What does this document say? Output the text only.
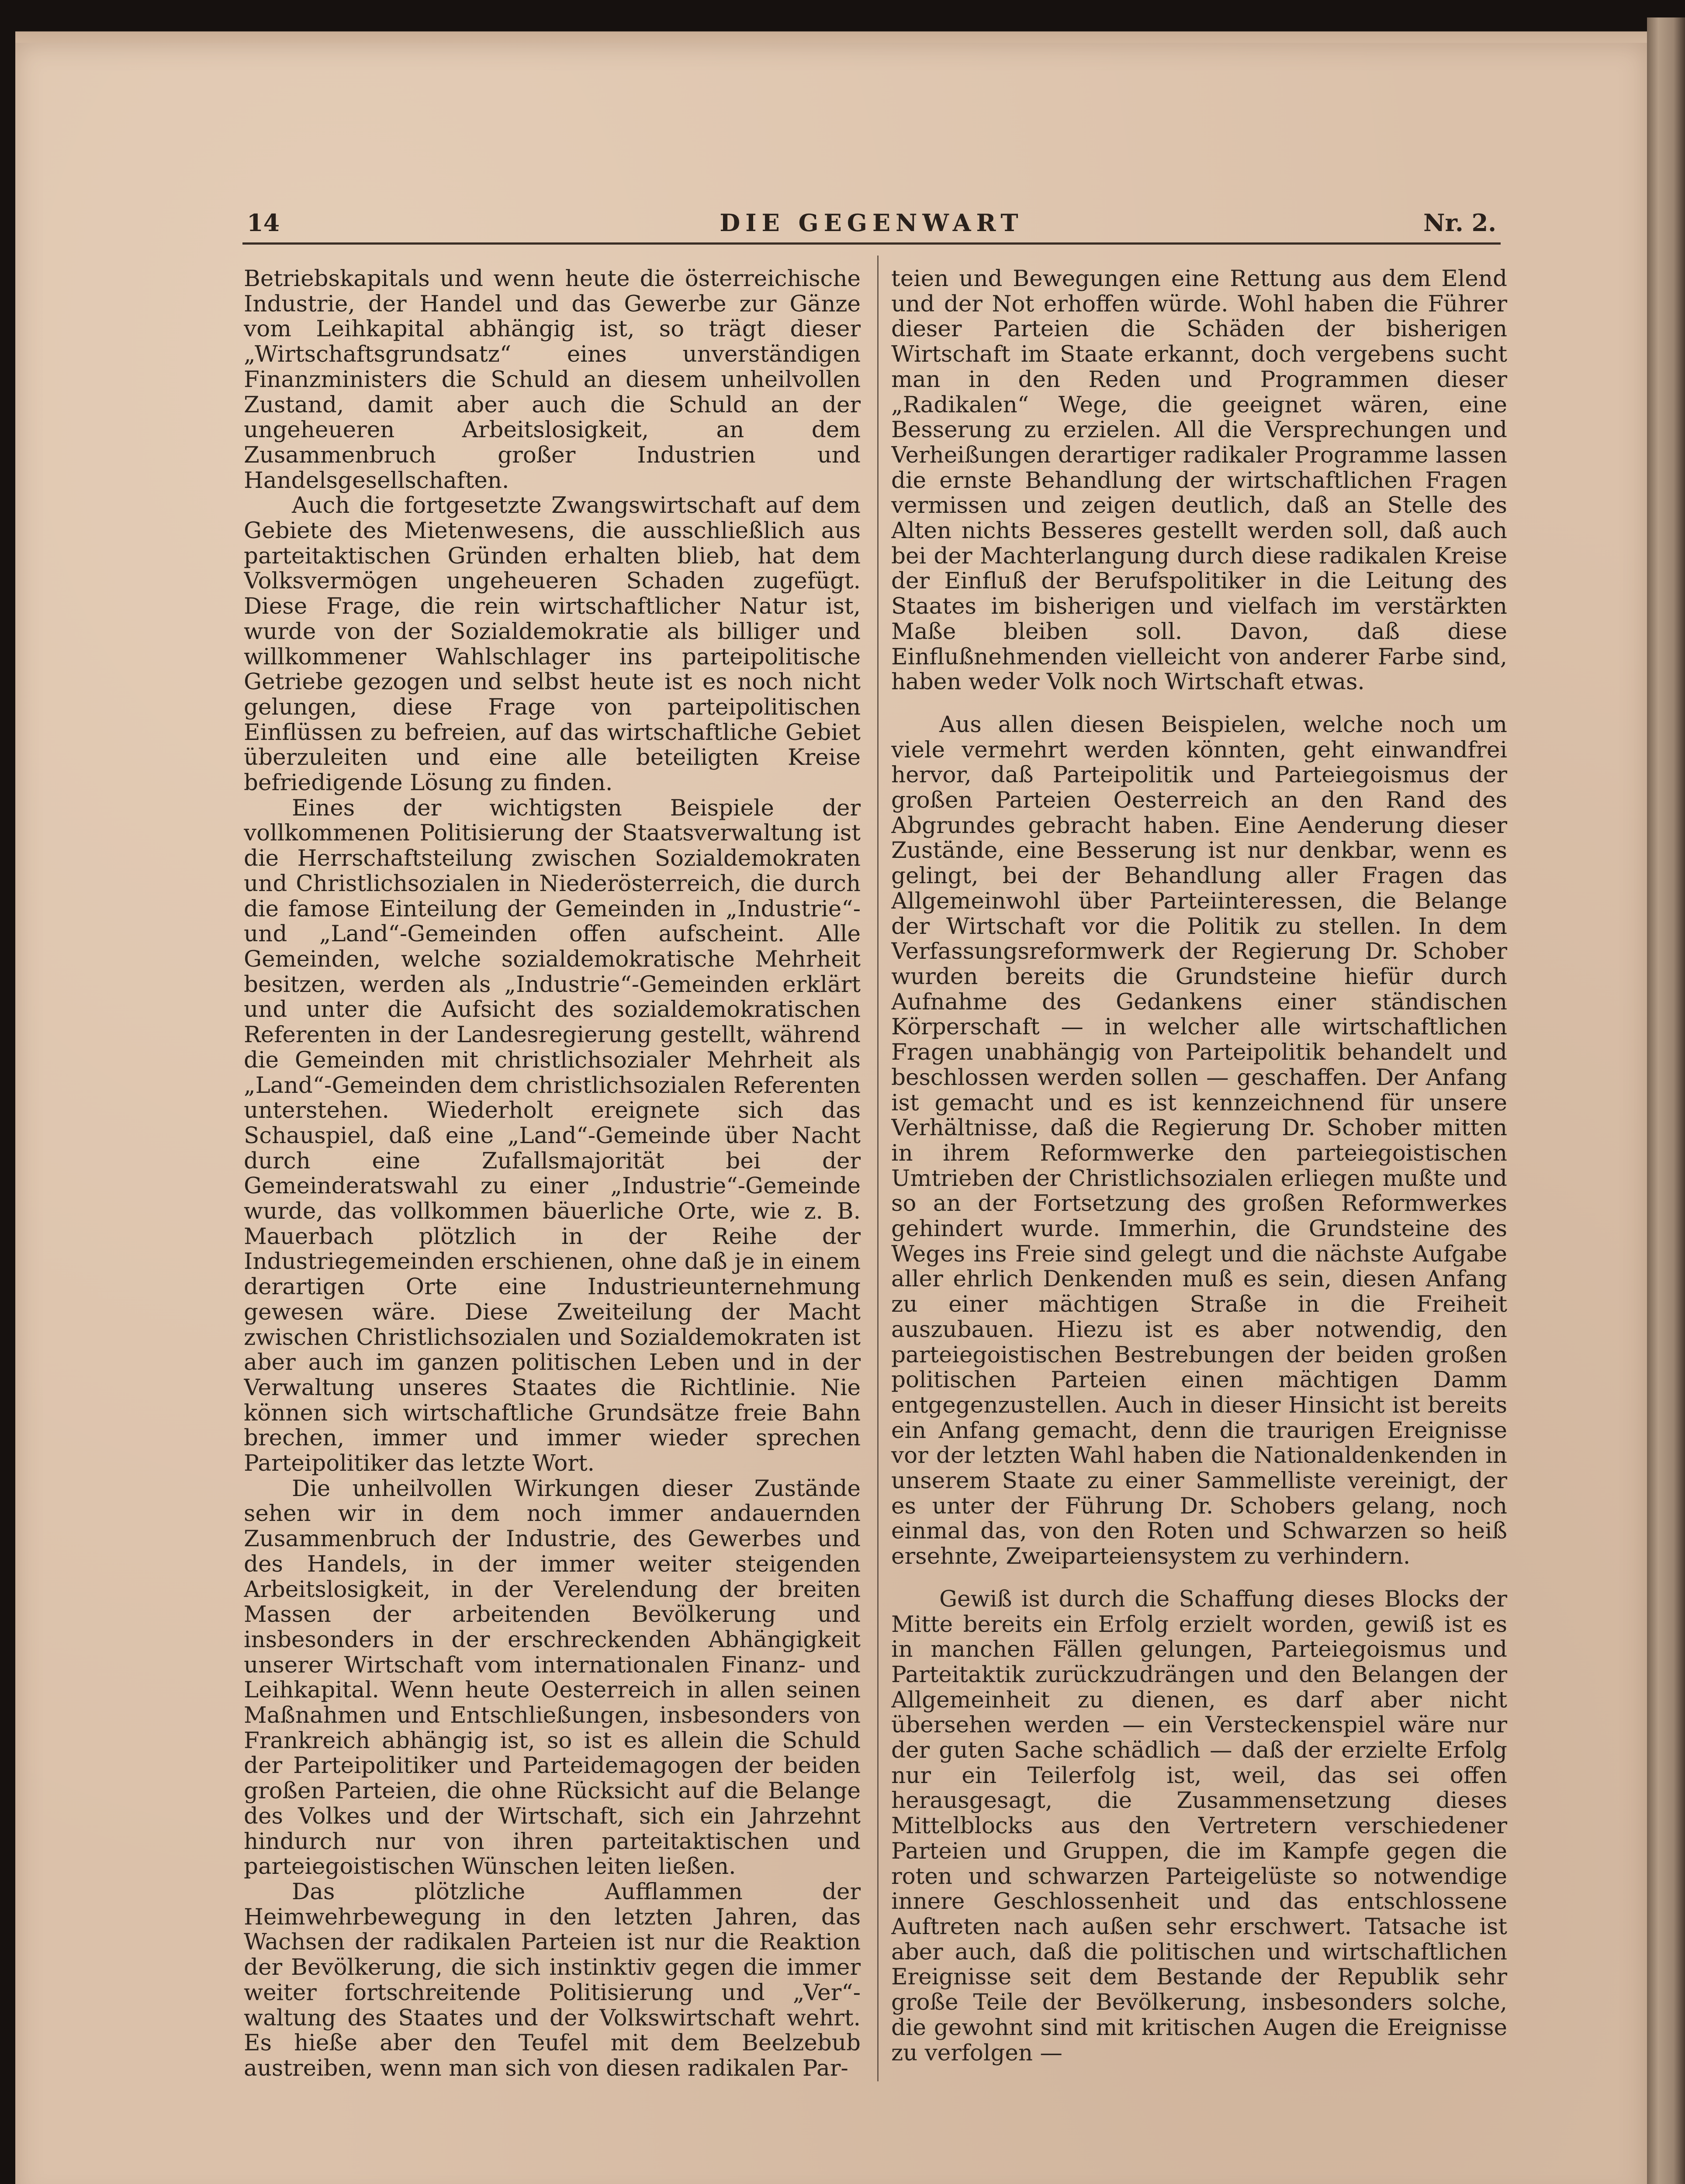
14	DIE GEGENWART	Nr. 2.

Betriebskapitals und wenn heute die österreichische Industrie, der Handel und das Gewerbe zur Gänze vom Leihkapital abhängig ist, so trägt dieser „Wirtschaftsgrundsatz“ eines unverständigen Finanzministers die Schuld an diesem unheilvollen Zustand, damit aber auch die Schuld an der ungeheueren Arbeitslosigkeit, an dem Zusammenbruch großer Industrien und Handelsgesellschaften.

Auch die fortgesetzte Zwangswirtschaft auf dem Gebiete des Mietenwesens, die ausschließlich aus parteitaktischen Gründen erhalten blieb, hat dem Volksvermögen ungeheueren Schaden zugefügt. Diese Frage, die rein wirtschaftlicher Natur ist, wurde von der Sozialdemokratie als billiger und willkommener Wahlschlager ins parteipolitische Getriebe gezogen und selbst heute ist es noch nicht gelungen, diese Frage von parteipolitischen Einflüssen zu befreien, auf das wirtschaftliche Gebiet überzuleiten und eine alle beteiligten Kreise befriedigende Lösung zu finden.

Eines der wichtigsten Beispiele der vollkommenen Politisierung der Staatsverwaltung ist die Herrschaftsteilung zwischen Sozialdemokraten und Christlichsozialen in Niederösterreich, die durch die famose Einteilung der Gemeinden in „Industrie“- und „Land“-Gemeinden offen aufscheint. Alle Gemeinden, welche sozialdemokratische Mehrheit besitzen, werden als „Industrie“-Gemeinden erklärt und unter die Aufsicht des sozialdemokratischen Referenten in der Landesregierung gestellt, während die Gemeinden mit christlichsozialer Mehrheit als „Land“-Gemeinden dem christlichsozialen Referenten unterstehen. Wiederholt ereignete sich das Schauspiel, daß eine „Land“-Gemeinde über Nacht durch eine Zufallsmajorität bei der Gemeinderatswahl zu einer „Industrie“-Gemeinde wurde, das vollkommen bäuerliche Orte, wie z. B. Mauerbach plötzlich in der Reihe der Industriegemeinden erschienen, ohne daß je in einem derartigen Orte eine Industrieunternehmung gewesen wäre. Diese Zweiteilung der Macht zwischen Christlichsozialen und Sozialdemokraten ist aber auch im ganzen politischen Leben und in der Verwaltung unseres Staates die Richtlinie. Nie können sich wirtschaftliche Grundsätze freie Bahn brechen, immer und immer wieder sprechen Parteipolitiker das letzte Wort.

Die unheilvollen Wirkungen dieser Zustände sehen wir in dem noch immer andauernden Zusammenbruch der Industrie, des Gewerbes und des Handels, in der immer weiter steigenden Arbeitslosigkeit, in der Verelendung der breiten Massen der arbeitenden Bevölkerung und insbesonders in der erschreckenden Abhängigkeit unserer Wirtschaft vom internationalen Finanz- und Leihkapital. Wenn heute Oesterreich in allen seinen Maßnahmen und Entschließungen, insbesonders von Frankreich abhängig ist, so ist es allein die Schuld der Parteipolitiker und Parteidemagogen der beiden großen Parteien, die ohne Rücksicht auf die Belange des Volkes und der Wirtschaft, sich ein Jahrzehnt hindurch nur von ihren parteitaktischen und parteiegoistischen Wünschen leiten ließen.

Das plötzliche Aufflammen der Heimwehrbewegung in den letzten Jahren, das Wachsen der radikalen Parteien ist nur die Reaktion der Bevölkerung, die sich instinktiv gegen die immer weiter fortschreitende Politisierung und „Ver“-waltung des Staates und der Volkswirtschaft wehrt. Es hieße aber den Teufel mit dem Beelzebub austreiben, wenn man sich von diesen radikalen Par-

teien und Bewegungen eine Rettung aus dem Elend und der Not erhoffen würde. Wohl haben die Führer dieser Parteien die Schäden der bisherigen Wirtschaft im Staate erkannt, doch vergebens sucht man in den Reden und Programmen dieser „Radikalen“ Wege, die geeignet wären, eine Besserung zu erzielen. All die Versprechungen und Verheißungen derartiger radikaler Programme lassen die ernste Behandlung der wirtschaftlichen Fragen vermissen und zeigen deutlich, daß an Stelle des Alten nichts Besseres gestellt werden soll, daß auch bei der Machterlangung durch diese radikalen Kreise der Einfluß der Berufspolitiker in die Leitung des Staates im bisherigen und vielfach im verstärkten Maße bleiben soll. Davon, daß diese Einflußnehmenden vielleicht von anderer Farbe sind, haben weder Volk noch Wirtschaft etwas.

Aus allen diesen Beispielen, welche noch um viele vermehrt werden könnten, geht einwandfrei hervor, daß Parteipolitik und Parteiegoismus der großen Parteien Oesterreich an den Rand des Abgrundes gebracht haben. Eine Aenderung dieser Zustände, eine Besserung ist nur denkbar, wenn es gelingt, bei der Behandlung aller Fragen das Allgemeinwohl über Parteiinteressen, die Belange der Wirtschaft vor die Politik zu stellen. In dem Verfassungsreformwerk der Regierung Dr. Schober wurden bereits die Grundsteine hiefür durch Aufnahme des Gedankens einer ständischen Körperschaft — in welcher alle wirtschaftlichen Fragen unabhängig von Parteipolitik behandelt und beschlossen werden sollen — geschaffen. Der Anfang ist gemacht und es ist kennzeichnend für unsere Verhältnisse, daß die Regierung Dr. Schober mitten in ihrem Reformwerke den parteiegoistischen Umtrieben der Christlichsozialen erliegen mußte und so an der Fortsetzung des großen Reformwerkes gehindert wurde. Immerhin, die Grundsteine des Weges ins Freie sind gelegt und die nächste Aufgabe aller ehrlich Denkenden muß es sein, diesen Anfang zu einer mächtigen Straße in die Freiheit auszubauen. Hiezu ist es aber notwendig, den parteiegoistischen Bestrebungen der beiden großen politischen Parteien einen mächtigen Damm entgegenzustellen. Auch in dieser Hinsicht ist bereits ein Anfang gemacht, denn die traurigen Ereignisse vor der letzten Wahl haben die Nationaldenkenden in unserem Staate zu einer Sammelliste vereinigt, der es unter der Führung Dr. Schobers gelang, noch einmal das, von den Roten und Schwarzen so heiß ersehnte, Zweiparteiensystem zu verhindern.

Gewiß ist durch die Schaffung dieses Blocks der Mitte bereits ein Erfolg erzielt worden, gewiß ist es in manchen Fällen gelungen, Parteiegoismus und Parteitaktik zurückzudrängen und den Belangen der Allgemeinheit zu dienen, es darf aber nicht übersehen werden — ein Versteckenspiel wäre nur der guten Sache schädlich — daß der erzielte Erfolg nur ein Teilerfolg ist, weil, das sei offen herausgesagt, die Zusammensetzung dieses Mittelblocks aus den Vertretern verschiedener Parteien und Gruppen, die im Kampfe gegen die roten und schwarzen Parteigelüste so notwendige innere Geschlossenheit und das entschlossene Auftreten nach außen sehr erschwert. Tatsache ist aber auch, daß die politischen und wirtschaftlichen Ereignisse seit dem Bestande der Republik sehr große Teile der Bevölkerung, insbesonders solche, die gewohnt sind mit kritischen Augen die Ereignisse zu verfolgen —
